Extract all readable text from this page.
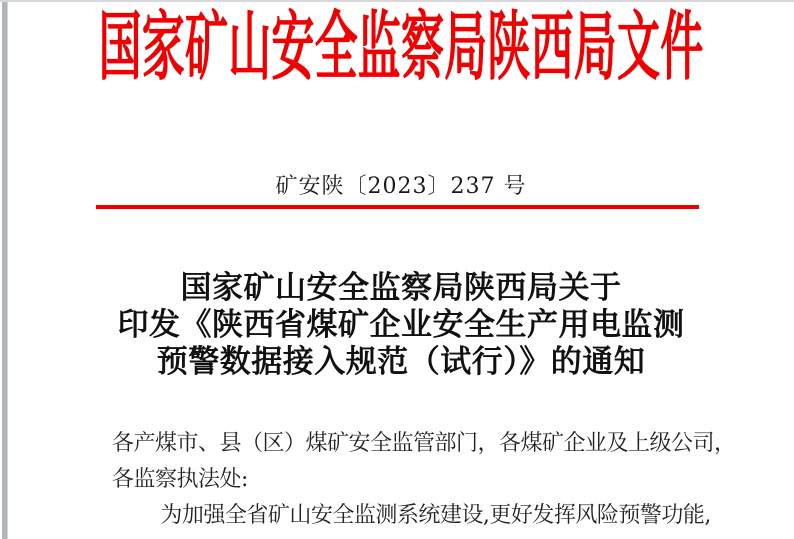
国家矿山安全监察局陕西局文件
矿安陕〔2023〕237 号
国家矿山安全监察局陕西局关于
印发《陕西省煤矿企业安全生产用电监测
预警数据接入规范（试行）》的通知
各产煤市、县（区）煤矿安全监管部门，各煤矿企业及上级公司，
各监察执法处:
为加强全省矿山安全监测系统建设,更好发挥风险预警功能,
